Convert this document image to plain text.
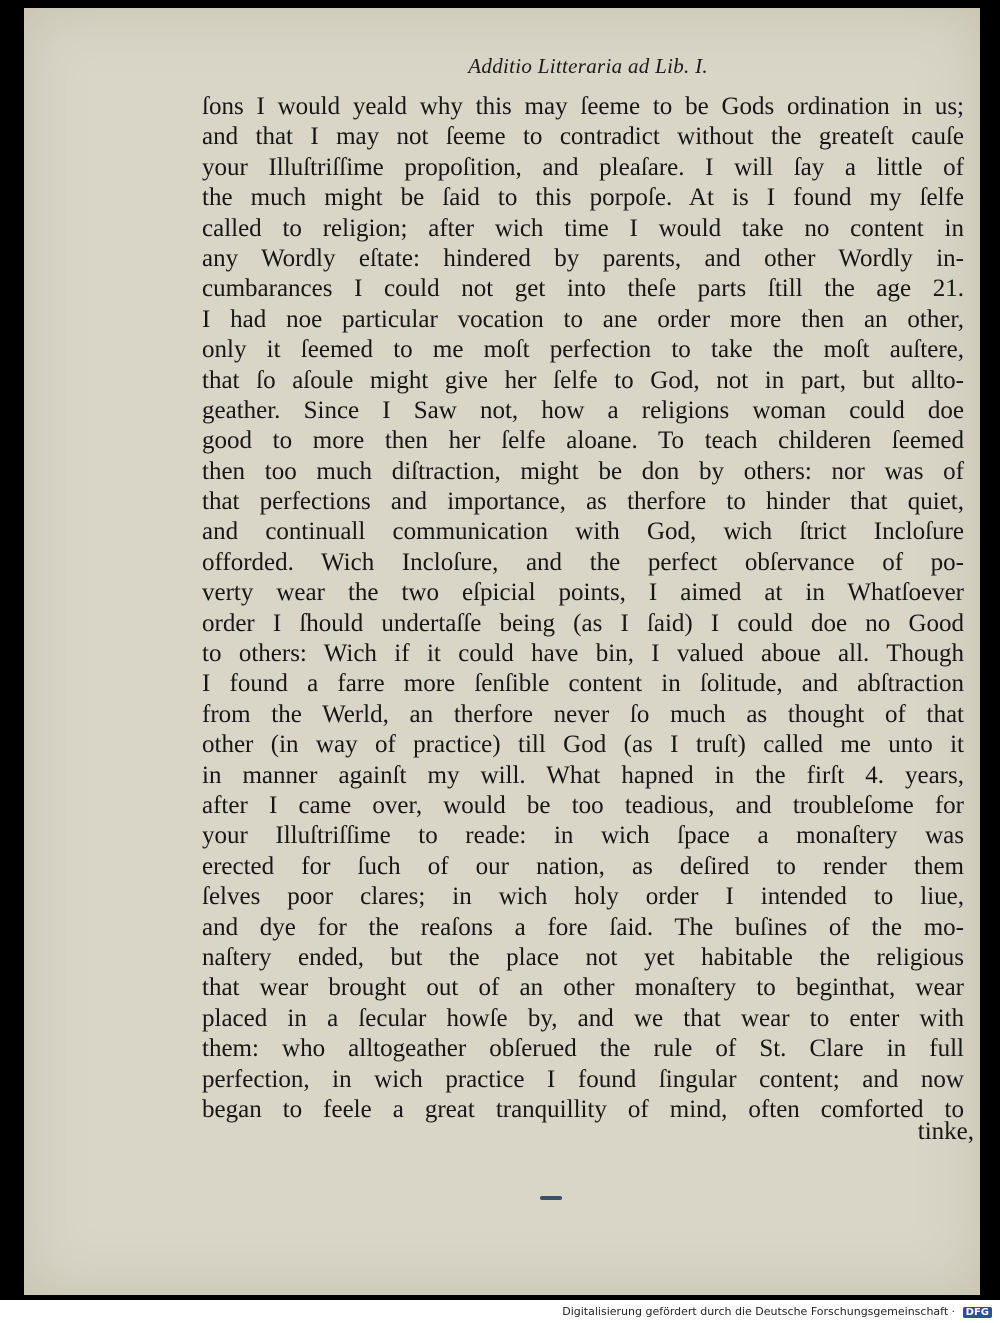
Additio Litteraria ad Lib. I.
ſons I would yeald why this may ſeeme to be Gods ordination in us;
and that I may not ſeeme to contradict without the greateſt cauſe
your Illuſtriſſime propoſition, and pleaſare. I will ſay a little of
the much might be ſaid to this porpoſe. At is I found my ſelfe
called to religion; after wich time I would take no content in
any Wordly eſtate: hindered by parents, and other Wordly in-
cumbarances I could not get into theſe parts ſtill the age 21.
I had noe particular vocation to ane order more then an other,
only it ſeemed to me moſt perfection to take the moſt auſtere,
that ſo aſoule might give her ſelfe to God, not in part, but allto-
geather. Since I Saw not, how a religions woman could doe
good to more then her ſelfe aloane. To teach childeren ſeemed
then too much diſtraction, might be don by others: nor was of
that perfections and importance, as therfore to hinder that quiet,
and continuall communication with God, wich ſtrict Incloſure
offorded. Wich Incloſure, and the perfect obſervance of po-
verty wear the two eſpicial points, I aimed at in Whatſoever
order I ſhould undertaſſe being (as I ſaid) I could doe no Good
to others: Wich if it could have bin, I valued aboue all. Though
I found a farre more ſenſible content in ſolitude, and abſtraction
from the Werld, an therfore never ſo much as thought of that
other (in way of practice) till God (as I truſt) called me unto it
in manner againſt my will. What hapned in the firſt 4. years,
after I came over, would be too teadious, and troubleſome for
your Illuſtriſſime to reade: in wich ſpace a monaſtery was
erected for ſuch of our nation, as deſired to render them
ſelves poor clares; in wich holy order I intended to liue,
and dye for the reaſons a fore ſaid. The buſines of the mo-
naſtery ended, but the place not yet habitable the religious
that wear brought out of an other monaſtery to beginthat, wear
placed in a ſecular howſe by, and we that wear to enter with
them: who alltogeather obſerued the rule of St. Clare in full
perfection, in wich practice I found ſingular content; and now
began to feele a great tranquillity of mind, often comforted to
tinke,
Digitalisierung gefördert durch die Deutsche Forschungsgemeinschaft · DFG
